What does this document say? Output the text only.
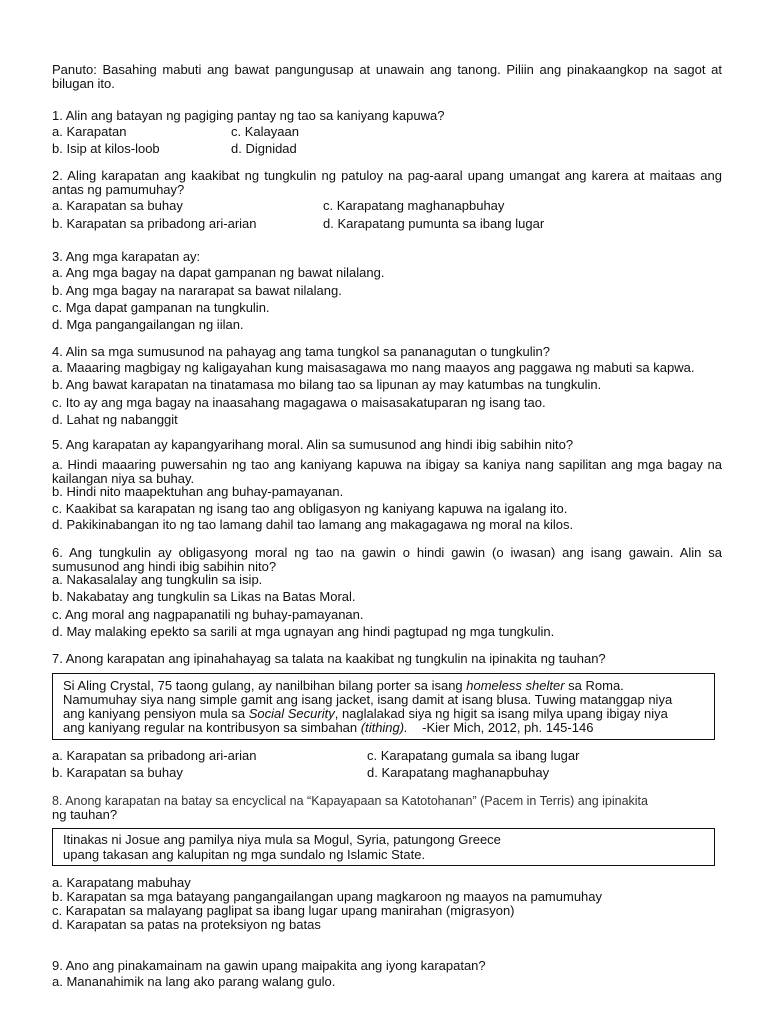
Panuto: Basahing mabuti ang bawat pangungusap at unawain ang tanong. Piliin ang pinakaangkop na sagot at bilugan ito.
1. Alin ang batayan ng pagiging pantay ng tao sa kaniyang kapuwa?
a. Karapatan	c. Kalayaan
b. Isip at kilos-loob	d. Dignidad
2. Aling karapatan ang kaakibat ng tungkulin ng patuloy na pag-aaral upang umangat ang karera at maitaas ang antas ng pamumuhay?
a. Karapatan sa buhay	c. Karapatang maghanapbuhay
b. Karapatan sa pribadong ari-arian	d. Karapatang pumunta sa ibang lugar
3. Ang mga karapatan ay:
a. Ang mga bagay na dapat gampanan ng bawat nilalang.
b. Ang mga bagay na nararapat sa bawat nilalang.
c. Mga dapat gampanan na tungkulin.
d. Mga pangangailangan ng iilan.
4. Alin sa mga sumusunod na pahayag ang tama tungkol sa pananagutan o tungkulin?
a. Maaaring magbigay ng kaligayahan kung maisasagawa mo nang maayos ang paggawa ng mabuti sa kapwa.
b. Ang bawat karapatan na tinatamasa mo bilang tao sa lipunan ay may katumbas na tungkulin.
c. Ito ay ang mga bagay na inaasahang magagawa o maisasakatuparan ng isang tao.
d. Lahat ng nabanggit
5. Ang karapatan ay kapangyarihang moral. Alin sa sumusunod ang hindi ibig sabihin nito?
a. Hindi maaaring puwersahin ng tao ang kaniyang kapuwa na ibigay sa kaniya nang sapilitan ang mga bagay na kailangan niya sa buhay.
b. Hindi nito maapektuhan ang buhay-pamayanan.
c. Kaakibat sa karapatan ng isang tao ang obligasyon ng kaniyang kapuwa na igalang ito.
d. Pakikinabangan ito ng tao lamang dahil tao lamang ang makagagawa ng moral na kilos.
6. Ang tungkulin ay obligasyong moral ng tao na gawin o hindi gawin (o iwasan) ang isang gawain. Alin sa sumusunod ang hindi ibig sabihin nito?
a. Nakasalalay ang tungkulin sa isip.
b. Nakabatay ang tungkulin sa Likas na Batas Moral.
c. Ang moral ang nagpapanatili ng buhay-pamayanan.
d. May malaking epekto sa sarili at mga ugnayan ang hindi pagtupad ng mga tungkulin.
7. Anong karapatan ang ipinahahayag sa talata na kaakibat ng tungkulin na ipinakita ng tauhan?
Si Aling Crystal, 75 taong gulang, ay nanilbihan bilang porter sa isang homeless shelter sa Roma.
Namumuhay siya nang simple gamit ang isang jacket, isang damit at isang blusa. Tuwing matanggap niya
ang kaniyang pensiyon mula sa Social Security, naglalakad siya ng higit sa isang milya upang ibigay niya
ang kaniyang regular na kontribusyon sa simbahan (tithing).    -Kier Mich, 2012, ph. 145-146
a. Karapatan sa pribadong ari-arian	c. Karapatang gumala sa ibang lugar
b. Karapatan sa buhay	d. Karapatang maghanapbuhay
8. Anong karapatan na batay sa encyclical na “Kapayapaan sa Katotohanan” (Pacem in Terris) ang ipinakita
ng tauhan?
Itinakas ni Josue ang pamilya niya mula sa Mogul, Syria, patungong Greece
upang takasan ang kalupitan ng mga sundalo ng Islamic State.
a. Karapatang mabuhay
b. Karapatan sa mga batayang pangangailangan upang magkaroon ng maayos na pamumuhay
c. Karapatan sa malayang paglipat sa ibang lugar upang manirahan (migrasyon)
d. Karapatan sa patas na proteksiyon ng batas
9. Ano ang pinakamainam na gawin upang maipakita ang iyong karapatan?
a. Mananahimik na lang ako parang walang gulo.
